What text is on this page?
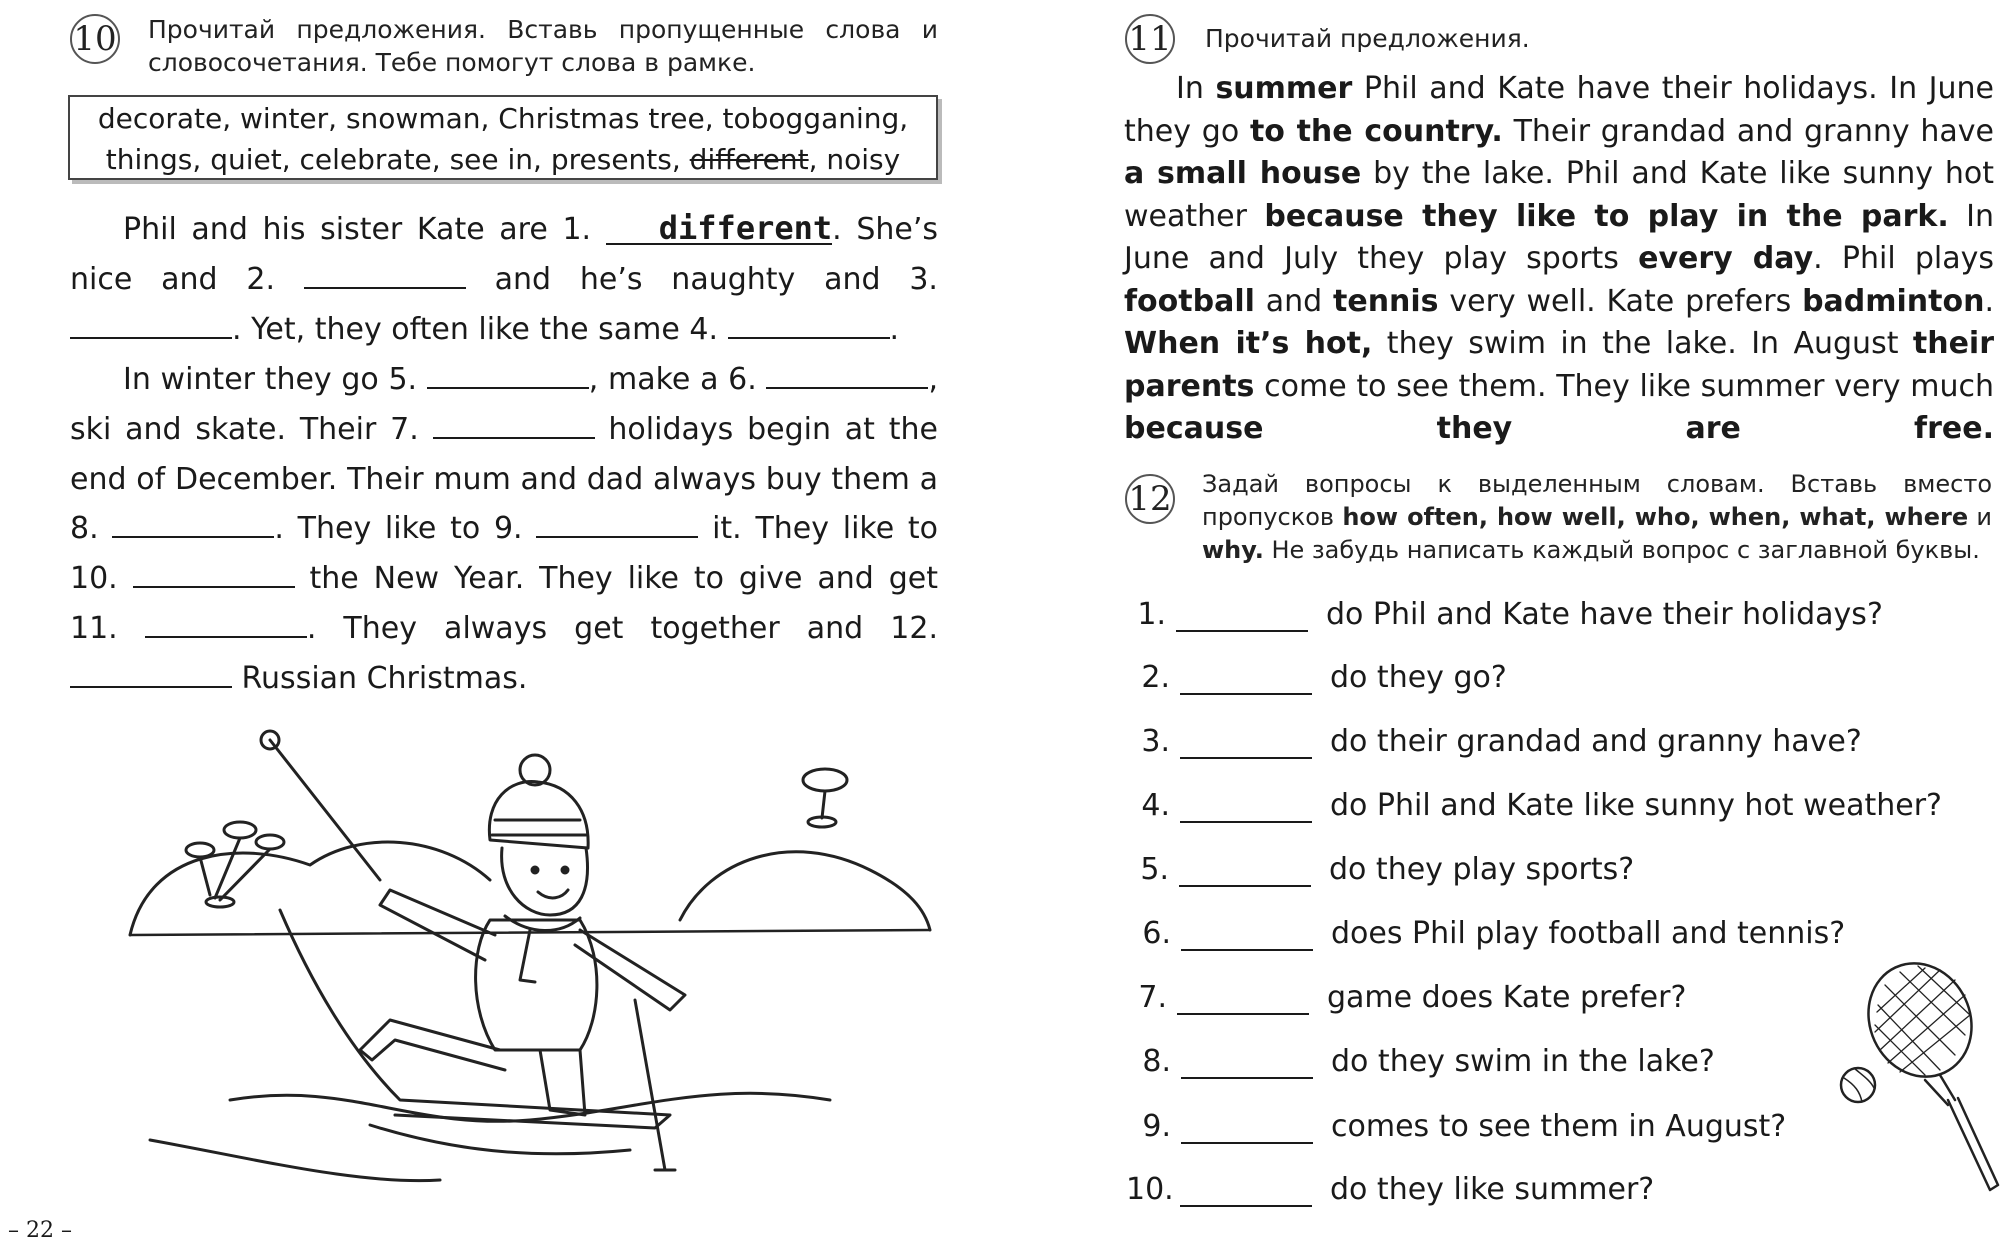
10 Прочитай предложения. Вставь пропущенные слова и словосочетания. Тебе помогут слова в рамке.
decorate, winter, snowman, Christmas tree, tobogganing,
things, quiet, celebrate, see in, presents, different, noisy
Phil and his sister Kate are 1. different. She’s nice and 2.	and he’s naughty and 3. . Yet, they often like the same 4.	.
In winter they go 5.	, make a 6.	, ski and skate. Their 7.	holidays begin at the end of December. Their mum and dad always buy them a 8.	. They like to 9.	it. They like to 10.	the New Year. They like to give and get 11.	. They always get together and 12.  Russian Christmas.
11 Прочитай предложения.
In summer Phil and Kate have their holidays. In June they go to the country. Their grandad and granny have a small house by the lake. Phil and Kate like sunny hot weather because they like to play in the park. In June and July they play sports every day. Phil plays football and tennis very well. Kate prefers badminton. When it’s hot, they swim in the lake. In August their parents come to see them. They like summer very much because they are free.
12 Задай вопросы к выделенным словам. Вставь вместо пропусков how often, how well, who, when, what, where и why. Не забудь написать каждый вопрос с заглавной буквы.
1.	do Phil and Kate have their holidays?
2.	do they go?
3.	do their grandad and granny have?
4.	do Phil and Kate like sunny hot weather?
5.	do they play sports?
6.	does Phil play football and tennis?
7.	game does Kate prefer?
8.	do they swim in the lake?
9.	comes to see them in August?
10.	do they like summer?
– 22 –
